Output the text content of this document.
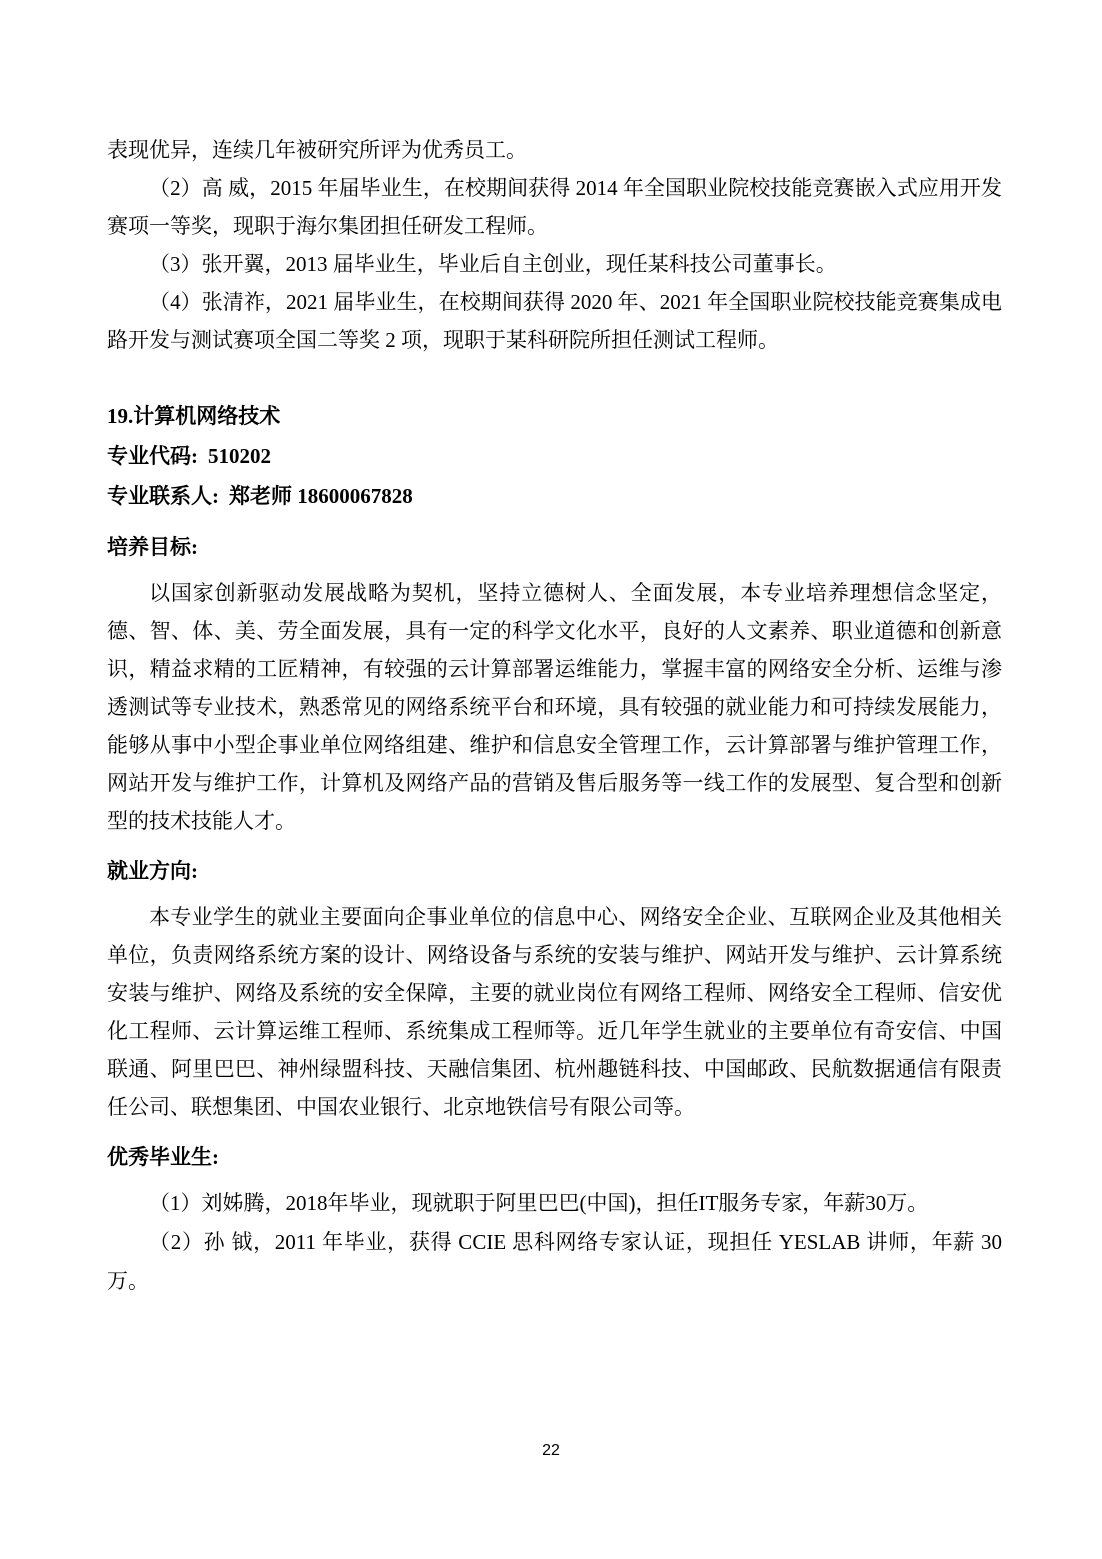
表现优异，连续几年被研究所评为优秀员工。

（2）高 威，2015 年届毕业生，在校期间获得 2014 年全国职业院校技能竞赛嵌入式应用开发赛项一等奖，现职于海尔集团担任研发工程师。

（3）张开翼，2013 届毕业生，毕业后自主创业，现任某科技公司董事长。

（4）张清祚，2021 届毕业生，在校期间获得 2020 年、2021 年全国职业院校技能竞赛集成电路开发与测试赛项全国二等奖 2 项，现职于某科研院所担任测试工程师。

19.计算机网络技术

专业代码: 510202

专业联系人: 郑老师 18600067828

培养目标:

以国家创新驱动发展战略为契机，坚持立德树人、全面发展，本专业培养理想信念坚定，德、智、体、美、劳全面发展，具有一定的科学文化水平，良好的人文素养、职业道德和创新意识，精益求精的工匠精神，有较强的云计算部署运维能力，掌握丰富的网络安全分析、运维与渗透测试等专业技术，熟悉常见的网络系统平台和环境，具有较强的就业能力和可持续发展能力，能够从事中小型企事业单位网络组建、维护和信息安全管理工作，云计算部署与维护管理工作，网站开发与维护工作，计算机及网络产品的营销及售后服务等一线工作的发展型、复合型和创新型的技术技能人才。

就业方向:

本专业学生的就业主要面向企事业单位的信息中心、网络安全企业、互联网企业及其他相关单位，负责网络系统方案的设计、网络设备与系统的安装与维护、网站开发与维护、云计算系统安装与维护、网络及系统的安全保障，主要的就业岗位有网络工程师、网络安全工程师、信安优化工程师、云计算运维工程师、系统集成工程师等。近几年学生就业的主要单位有奇安信、中国联通、阿里巴巴、神州绿盟科技、天融信集团、杭州趣链科技、中国邮政、民航数据通信有限责任公司、联想集团、中国农业银行、北京地铁信号有限公司等。

优秀毕业生:

（1）刘姊腾，2018年毕业，现就职于阿里巴巴(中国)，担任IT服务专家，年薪30万。

（2）孙 钺，2011 年毕业，获得 CCIE 思科网络专家认证，现担任 YESLAB 讲师，年薪 30 万。

22
